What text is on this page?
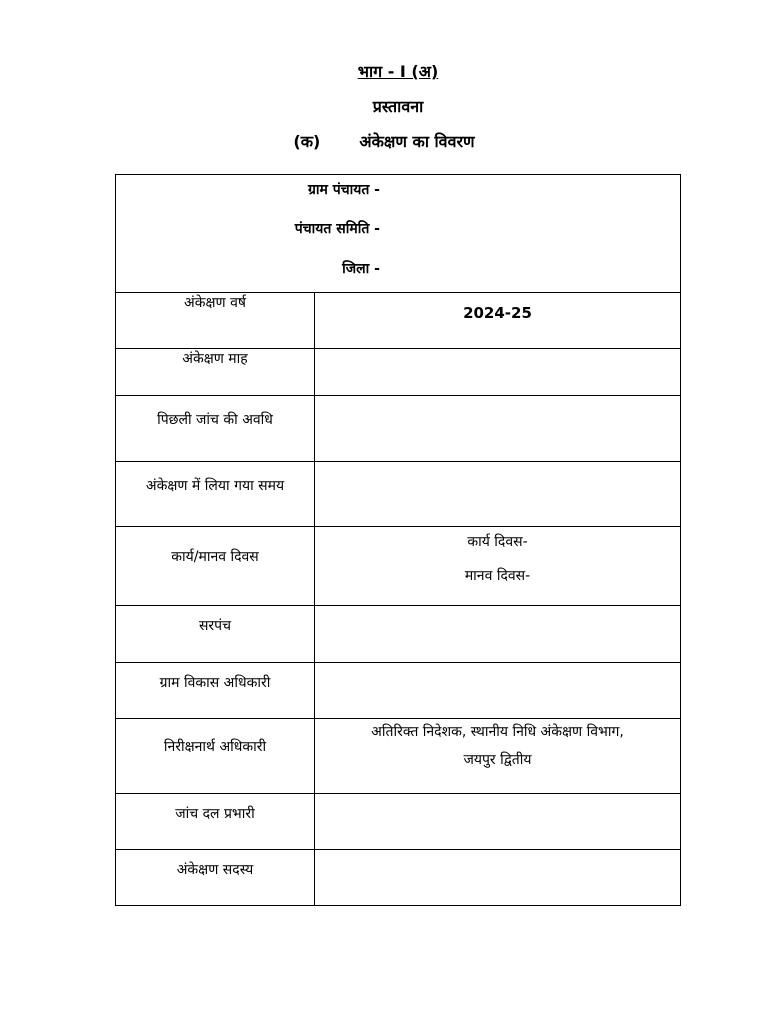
भाग - I (अ)
प्रस्तावना
(क) अंकेक्षण का विवरण
ग्राम पंचायत -
पंचायत समिति -
जिला -	

अंकेक्षण वर्ष	2024-25
अंकेक्षण माह	
पिछली जांच की अवधि	
अंकेक्षण में लिया गया समय	
कार्य/मानव दिवस	कार्य दिवस-
मानव दिवस-

सरपंच	
ग्राम विकास अधिकारी	
निरीक्षनार्थ अधिकारी	अतिरिक्त निदेशक, स्थानीय निधि अंकेक्षण विभाग,
जयपुर द्वितीय

जांच दल प्रभारी	
अंकेक्षण सदस्य	
